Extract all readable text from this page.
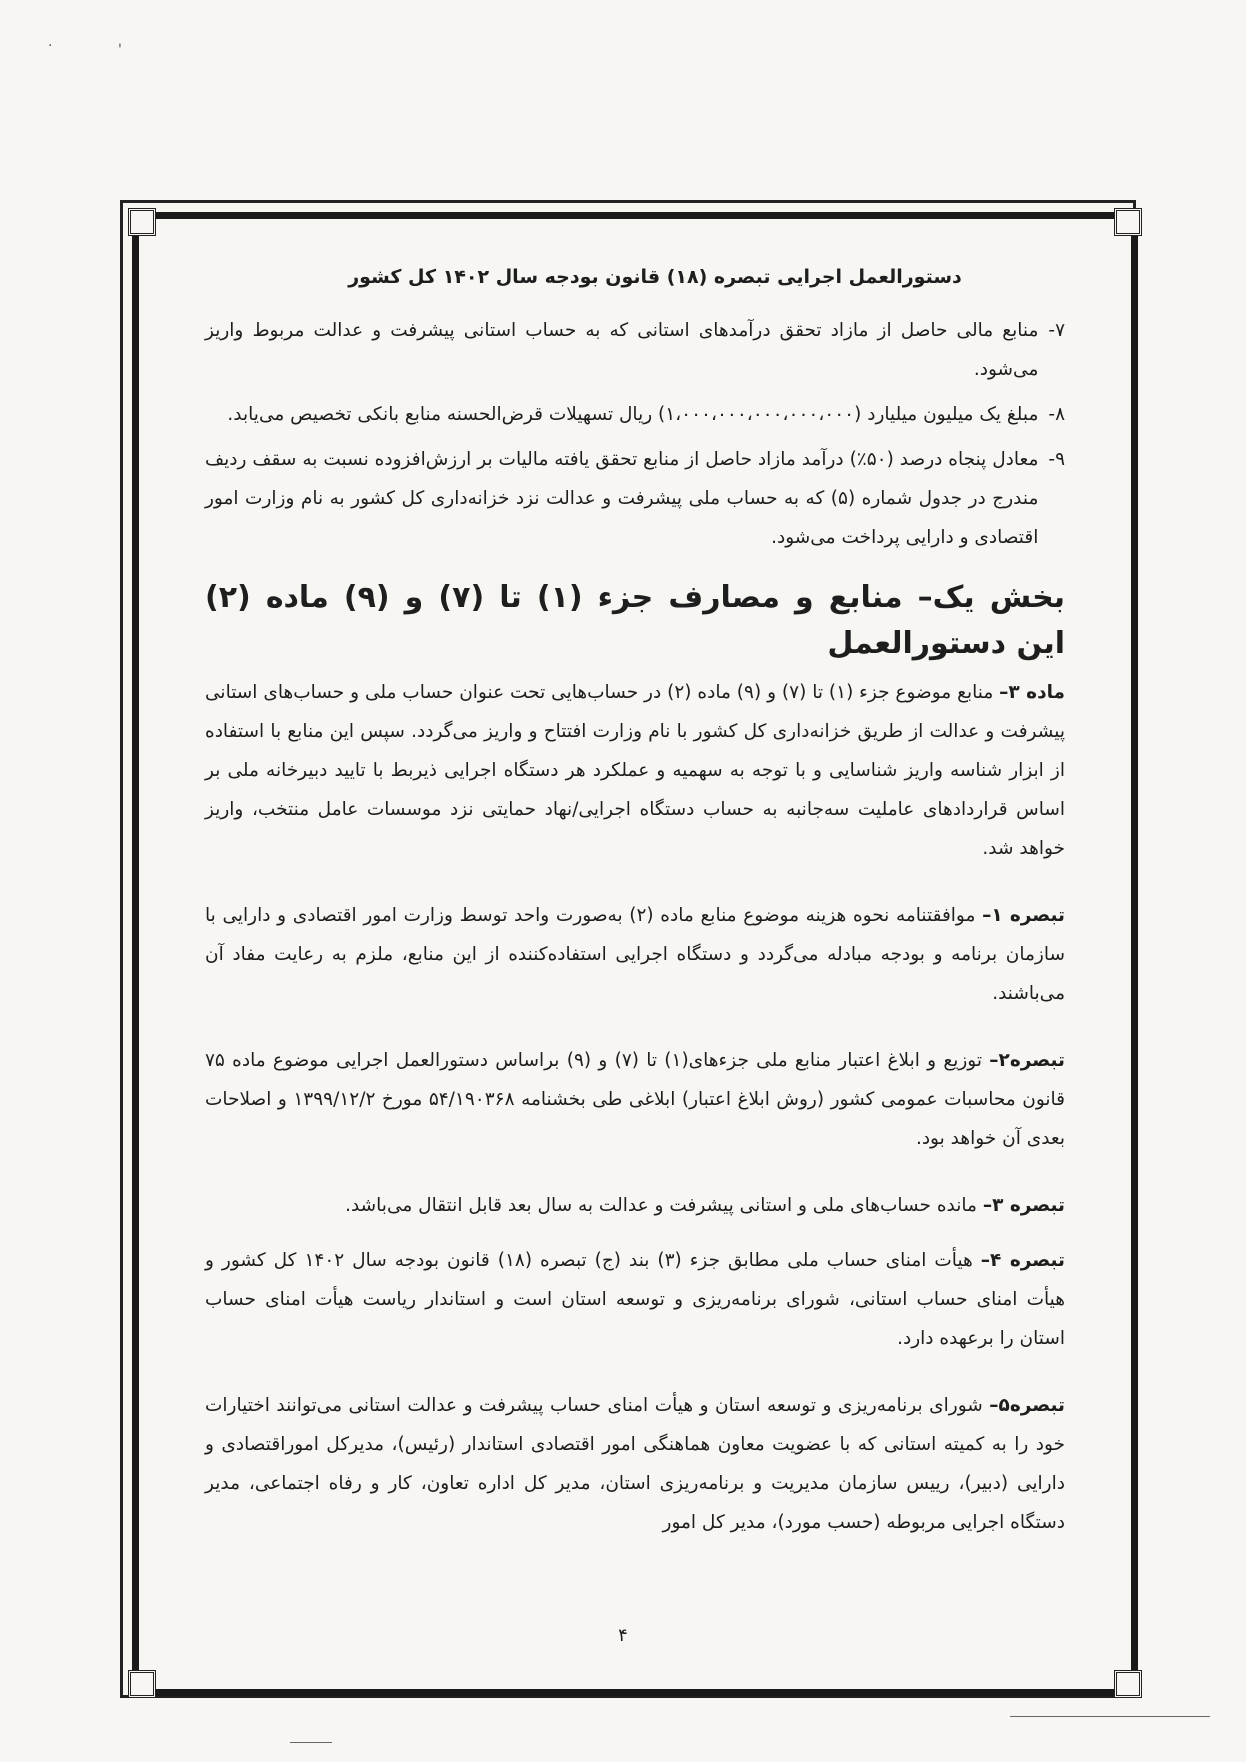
·	'
دستورالعمل اجرایی تبصره (۱۸) قانون بودجه سال ۱۴۰۲ کل کشور
۷-
منابع مالی حاصل از مازاد تحقق درآمدهای استانی که به حساب استانی پیشرفت و عدالت مربوط واریز می‌شود.
۸-
مبلغ یک میلیون میلیارد (۱،۰۰۰،۰۰۰،۰۰۰،۰۰۰،۰۰۰) ریال تسهیلات قرض‌الحسنه منابع بانکی تخصیص می‌یابد.
۹-
معادل پنجاه درصد (۵۰٪) درآمد مازاد حاصل از منابع تحقق یافته مالیات بر ارزش‌افزوده نسبت به سقف ردیف مندرج در جدول شماره (۵) که به حساب ملی پیشرفت و عدالت نزد خزانه‌داری کل کشور به نام وزارت امور اقتصادی و دارایی پرداخت می‌شود.
بخش یک– منابع و مصارف جزء (۱) تا (۷) و (۹) ماده (۲) این دستورالعمل

ماده ۳– منابع موضوع جزء (۱) تا (۷) و (۹) ماده (۲) در حساب‌هایی تحت عنوان حساب ملی و حساب‌های استانی پیشرفت و عدالت از طریق خزانه‌داری کل کشور با نام وزارت افتتاح و واریز می‌گردد. سپس این منابع با استفاده از ابزار شناسه واریز شناسایی و با توجه به سهمیه و عملکرد هر دستگاه اجرایی ذیربط با تایید دبیرخانه ملی بر اساس قراردادهای عاملیت سه‌جانبه به حساب دستگاه اجرایی/نهاد حمایتی نزد موسسات عامل منتخب، واریز خواهد شد.

تبصره ۱– موافقتنامه نحوه هزینه موضوع منابع ماده (۲) به‌صورت واحد توسط وزارت امور اقتصادی و دارایی با سازمان برنامه و بودجه مبادله می‌گردد و دستگاه اجرایی استفاده‌کننده از این منابع، ملزم به رعایت مفاد آن می‌باشند.

تبصره۲– توزیع و ابلاغ اعتبار منابع ملی جزءهای(۱) تا (۷) و (۹) براساس دستورالعمل اجرایی موضوع ماده ۷۵ قانون محاسبات عمومی کشور (روش ابلاغ اعتبار) ابلاغی طی بخشنامه ۵۴/۱۹۰۳۶۸ مورخ ۱۳۹۹/۱۲/۲ و اصلاحات بعدی آن خواهد بود.

تبصره ۳– مانده حساب‌های ملی و استانی پیشرفت و عدالت به سال بعد قابل انتقال می‌باشد.

تبصره ۴– هیأت امنای حساب ملی مطابق جزء (۳) بند (ج) تبصره (۱۸) قانون بودجه سال ۱۴۰۲ کل کشور و هیأت امنای حساب استانی، شورای برنامه‌ریزی و توسعه استان است و استاندار ریاست هیأت امنای حساب استان را برعهده دارد.

تبصره۵– شورای برنامه‌ریزی و توسعه استان و هیأت امنای حساب پیشرفت و عدالت استانی می‌توانند اختیارات خود را به کمیته استانی که با عضویت معاون هماهنگی امور اقتصادی استاندار (رئیس)، مدیرکل اموراقتصادی و دارایی (دبیر)، رییس سازمان مدیریت و برنامه‌ریزی استان، مدیر کل اداره تعاون، کار و رفاه اجتماعی، مدیر دستگاه اجرایی مربوطه (حسب مورد)، مدیر کل امور

۴
